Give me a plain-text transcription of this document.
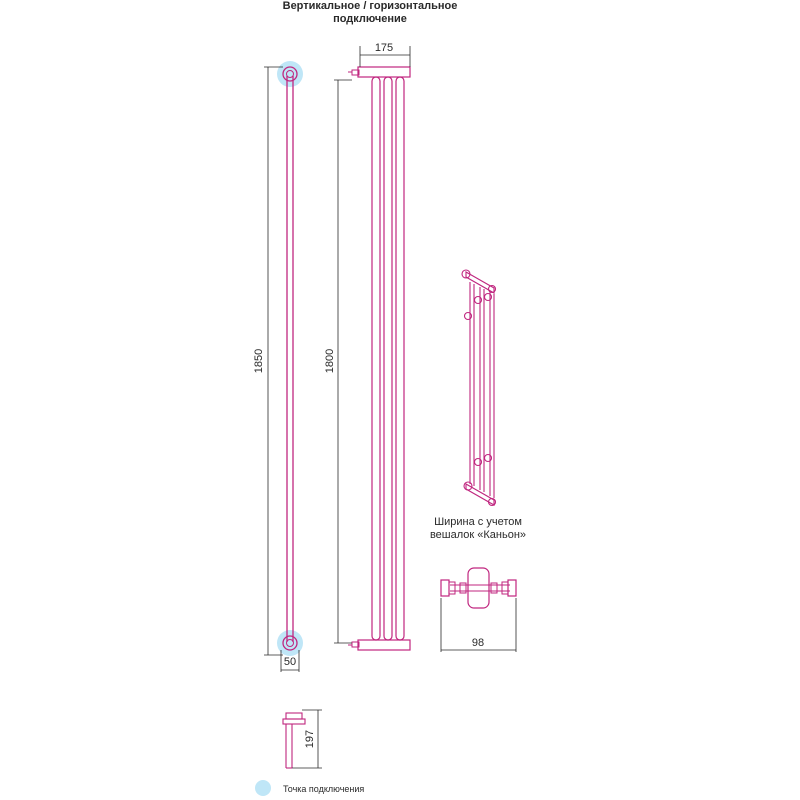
Вертикальное / горизонтальное
подключение
1850
50
175
1800
98
197
Ширина с учетом
вешалок «Каньон»
Точка подключения
